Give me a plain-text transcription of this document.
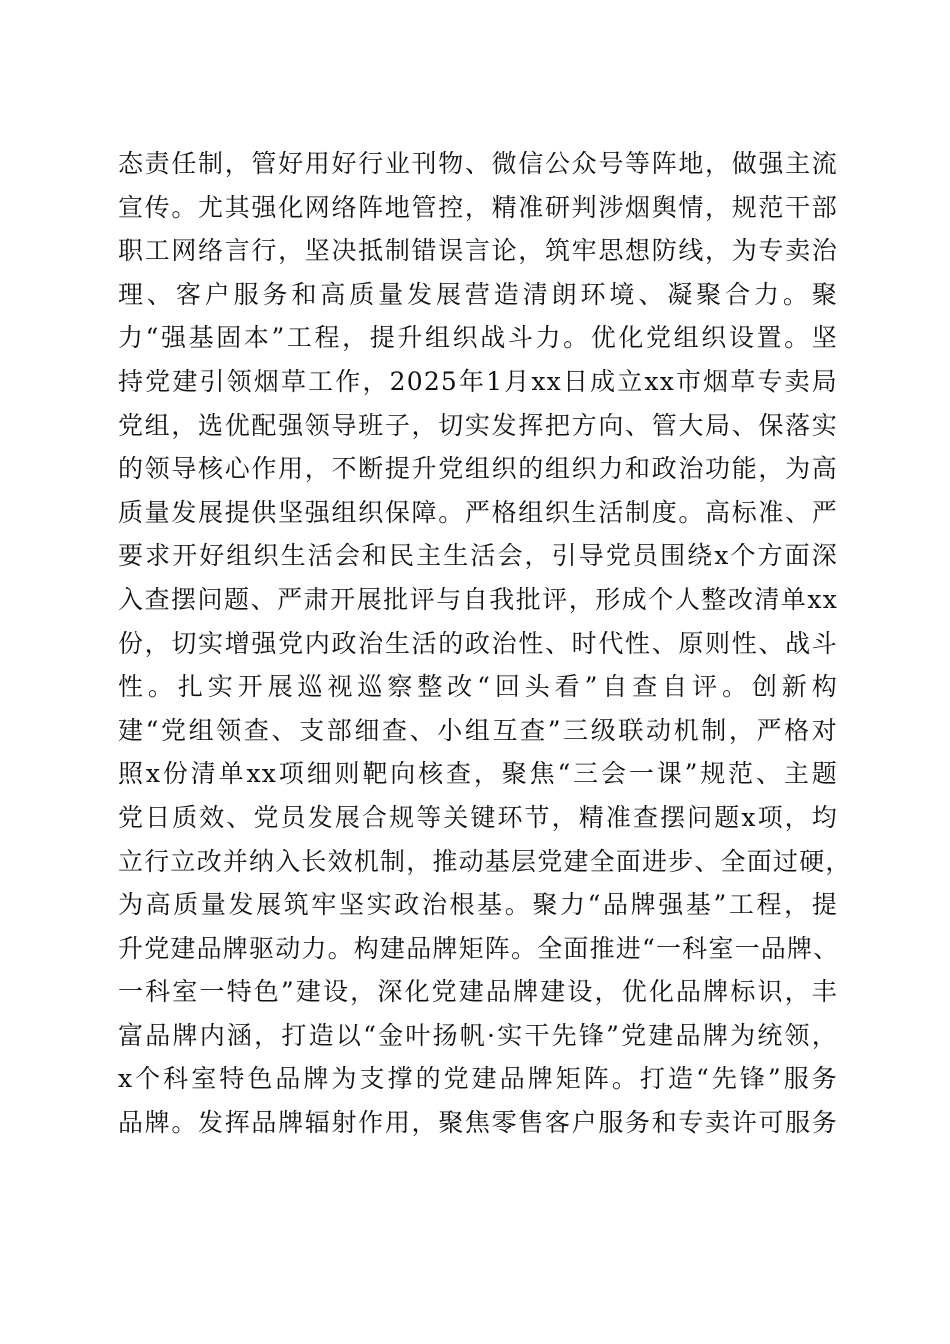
态责任制，管好用好行业刊物、微信公众号等阵地，做强主流
宣传。尤其强化网络阵地管控，精准研判涉烟舆情，规范干部
职工网络言行，坚决抵制错误言论，筑牢思想防线，为专卖治
理、客户服务和高质量发展营造清朗环境、凝聚合力。聚
力“强基固本”工程，提升组织战斗力。优化党组织设置。坚
持党建引领烟草工作，2025年1月xx日成立xx市烟草专卖局
党组，选优配强领导班子，切实发挥把方向、管大局、保落实
的领导核心作用，不断提升党组织的组织力和政治功能，为高
质量发展提供坚强组织保障。严格组织生活制度。高标准、严
要求开好组织生活会和民主生活会，引导党员围绕x个方面深
入查摆问题、严肃开展批评与自我批评，形成个人整改清单xx
份，切实增强党内政治生活的政治性、时代性、原则性、战斗
性。扎实开展巡视巡察整改“回头看”自查自评。创新构
建“党组领查、支部细查、小组互查”三级联动机制，严格对
照x份清单xx项细则靶向核查，聚焦“三会一课”规范、主题
党日质效、党员发展合规等关键环节，精准查摆问题x项，均
立行立改并纳入长效机制，推动基层党建全面进步、全面过硬，
为高质量发展筑牢坚实政治根基。聚力“品牌强基”工程，提
升党建品牌驱动力。构建品牌矩阵。全面推进“一科室一品牌、
一科室一特色”建设，深化党建品牌建设，优化品牌标识，丰
富品牌内涵，打造以“金叶扬帆·实干先锋”党建品牌为统领，
x个科室特色品牌为支撑的党建品牌矩阵。打造“先锋”服务
品牌。发挥品牌辐射作用，聚焦零售客户服务和专卖许可服务
